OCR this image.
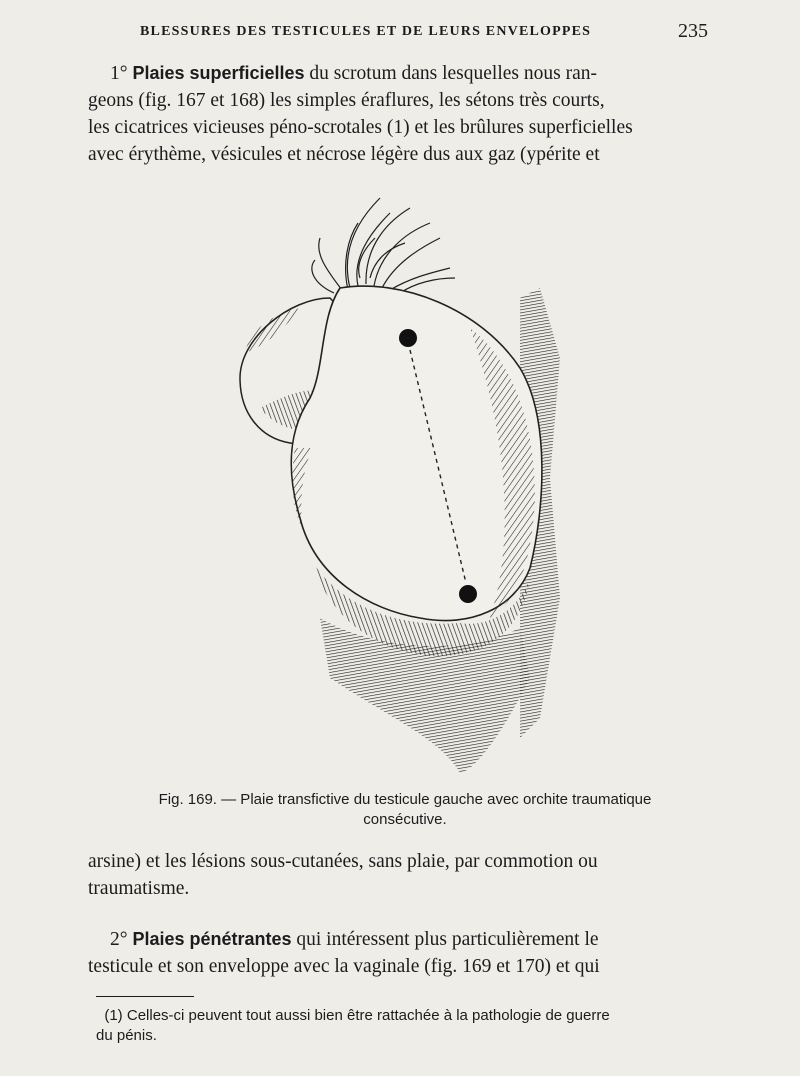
BLESSURES DES TESTICULES ET DE LEURS ENVELOPPES	235

1° Plaies superficielles du scrotum dans lesquelles nous ran-
geons (fig. 167 et 168) les simples éraflures, les sétons très courts,
les cicatrices vicieuses péno-scrotales (1) et les brûlures superficielles
avec érythème, vésicules et nécrose légère dus aux gaz (ypérite et

Fig. 169. — Plaie transfictive du testicule gauche avec orchite traumatique
consécutive.

arsine) et les lésions sous-cutanées, sans plaie, par commotion ou
traumatisme.

2° Plaies pénétrantes qui intéressent plus particulièrement le
testicule et son enveloppe avec la vaginale (fig. 169 et 170) et qui

(1) Celles-ci peuvent tout aussi bien être rattachée à la pathologie de guerre
du pénis.
